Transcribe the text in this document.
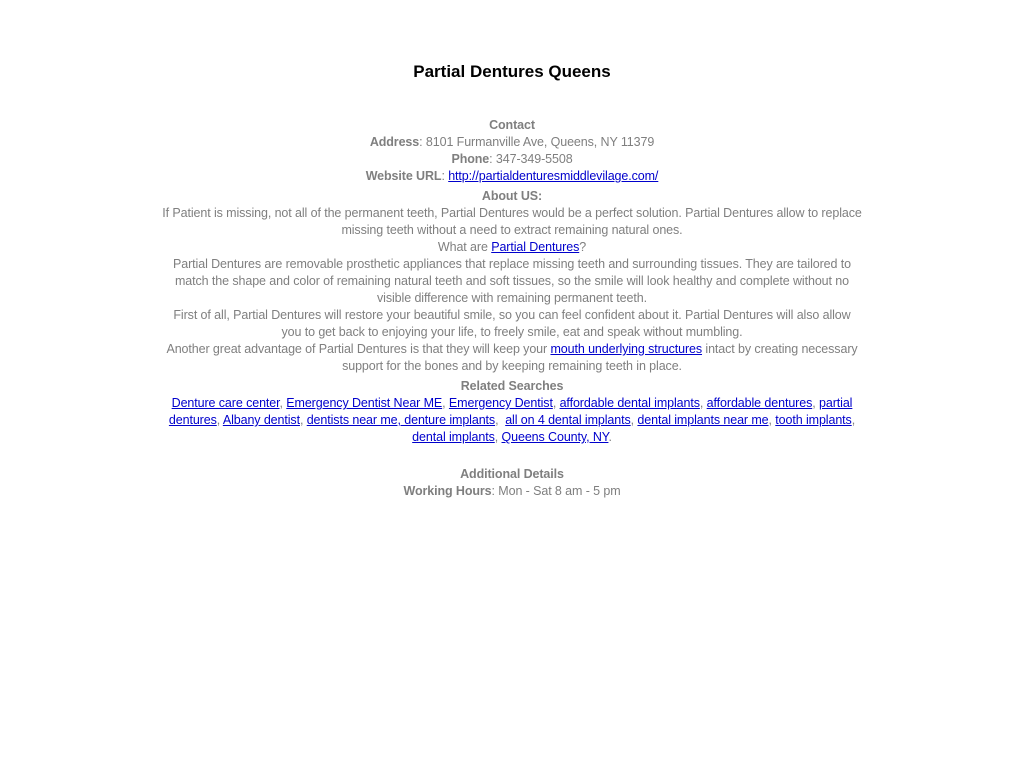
Partial Dentures Queens

Contact

Address: 8101 Furmanville Ave, Queens, NY 11379

Phone: 347-349-5508

Website URL: http://partialdenturesmiddlevilage.com/

About US:

If Patient is missing, not all of the permanent teeth, Partial Dentures would be a perfect solution. Partial Dentures allow to replace missing teeth without a need to extract remaining natural ones.

What are Partial Dentures?

Partial Dentures are removable prosthetic appliances that replace missing teeth and surrounding tissues. They are tailored to match the shape and color of remaining natural teeth and soft tissues, so the smile will look healthy and complete without no visible difference with remaining permanent teeth.

First of all, Partial Dentures will restore your beautiful smile, so you can feel confident about it. Partial Dentures will also allow you to get back to enjoying your life, to freely smile, eat and speak without mumbling.

Another great advantage of Partial Dentures is that they will keep your mouth underlying structures intact by creating necessary support for the bones and by keeping remaining teeth in place.

Related Searches

Denture care center, Emergency Dentist Near ME, Emergency Dentist, affordable dental implants, affordable dentures, partial dentures, Albany dentist, dentists near me, denture implants,  all on 4 dental implants, dental implants near me, tooth implants, dental implants, Queens County, NY.

Additional Details

Working Hours: Mon - Sat 8 am - 5 pm
